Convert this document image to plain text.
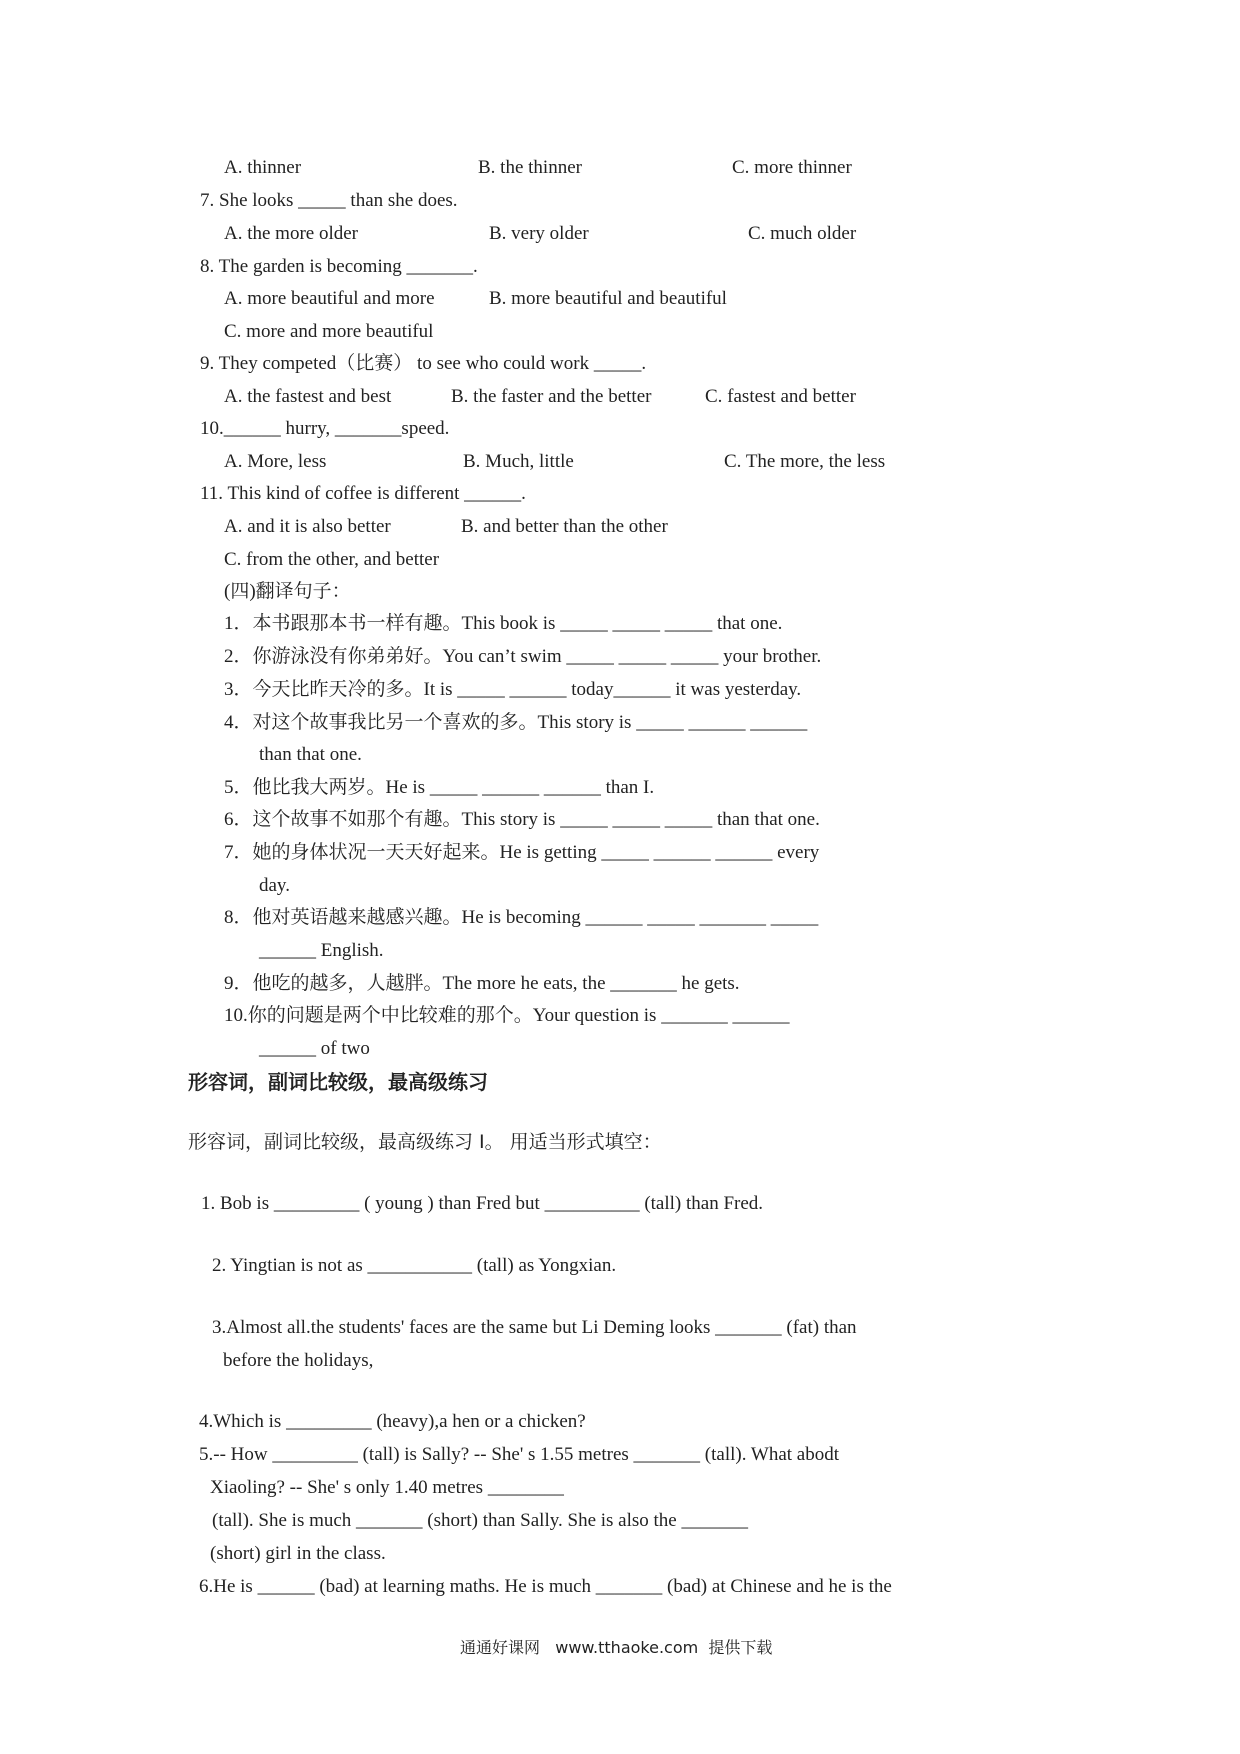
A. thinner	B. the thinner	C. more thinner
7. She looks _____ than she does.
A. the more older	B. very older	C. much older
8. The garden is becoming _______.
A. more beautiful and more	B. more beautiful and beautiful
C. more and more beautiful
9. They competed（比赛） to see who could work _____.
A. the fastest and best	B. the faster and the better	C. fastest and better
10.______ hurry, _______speed.
A. More, less	B. Much, little	C. The more, the less
11. This kind of coffee is different ______.
A. and it is also better	B. and better than the other
C. from the other, and better
(四)翻译句子：
1．本书跟那本书一样有趣。This book is _____ _____ _____ that one.
2．你游泳没有你弟弟好。You can’t swim _____ _____ _____ your brother.
3．今天比昨天冷的多。It is _____ ______ today______ it was yesterday.
4．对这个故事我比另一个喜欢的多。This story is _____ ______ ______
than that one.
5．他比我大两岁。He is _____ ______ ______ than I.
6．这个故事不如那个有趣。This story is _____ _____ _____ than that one.
7．她的身体状况一天天好起来。He is getting _____ ______ ______ every
day.
8．他对英语越来越感兴趣。He is becoming ______ _____ _______ _____
______ English.
9．他吃的越多，人越胖。The more he eats, the _______ he gets.
10.你的问题是两个中比较难的那个。Your question is _______ ______
______ of two
形容词，副词比较级，最高级练习
形容词，副词比较级，最高级练习 I。 用适当形式填空：
1. Bob is _________ ( young ) than Fred but __________ (tall) than Fred.
2. Yingtian is not as ___________ (tall) as Yongxian.
3.Almost all.the students' faces are the same but Li Deming looks _______ (fat) than
before the holidays,
4.Which is _________ (heavy),a hen or a chicken?
5.-- How _________ (tall) is Sally? -- She' s 1.55 metres _______ (tall). What abodt
Xiaoling? -- She' s only 1.40 metres ________
(tall). She is much _______ (short) than Sally. She is also the _______
(short) girl in the class.
6.He is ______ (bad) at learning maths. He is much _______ (bad) at Chinese and he is the
通通好课网   www.tthaoke.com  提供下载
